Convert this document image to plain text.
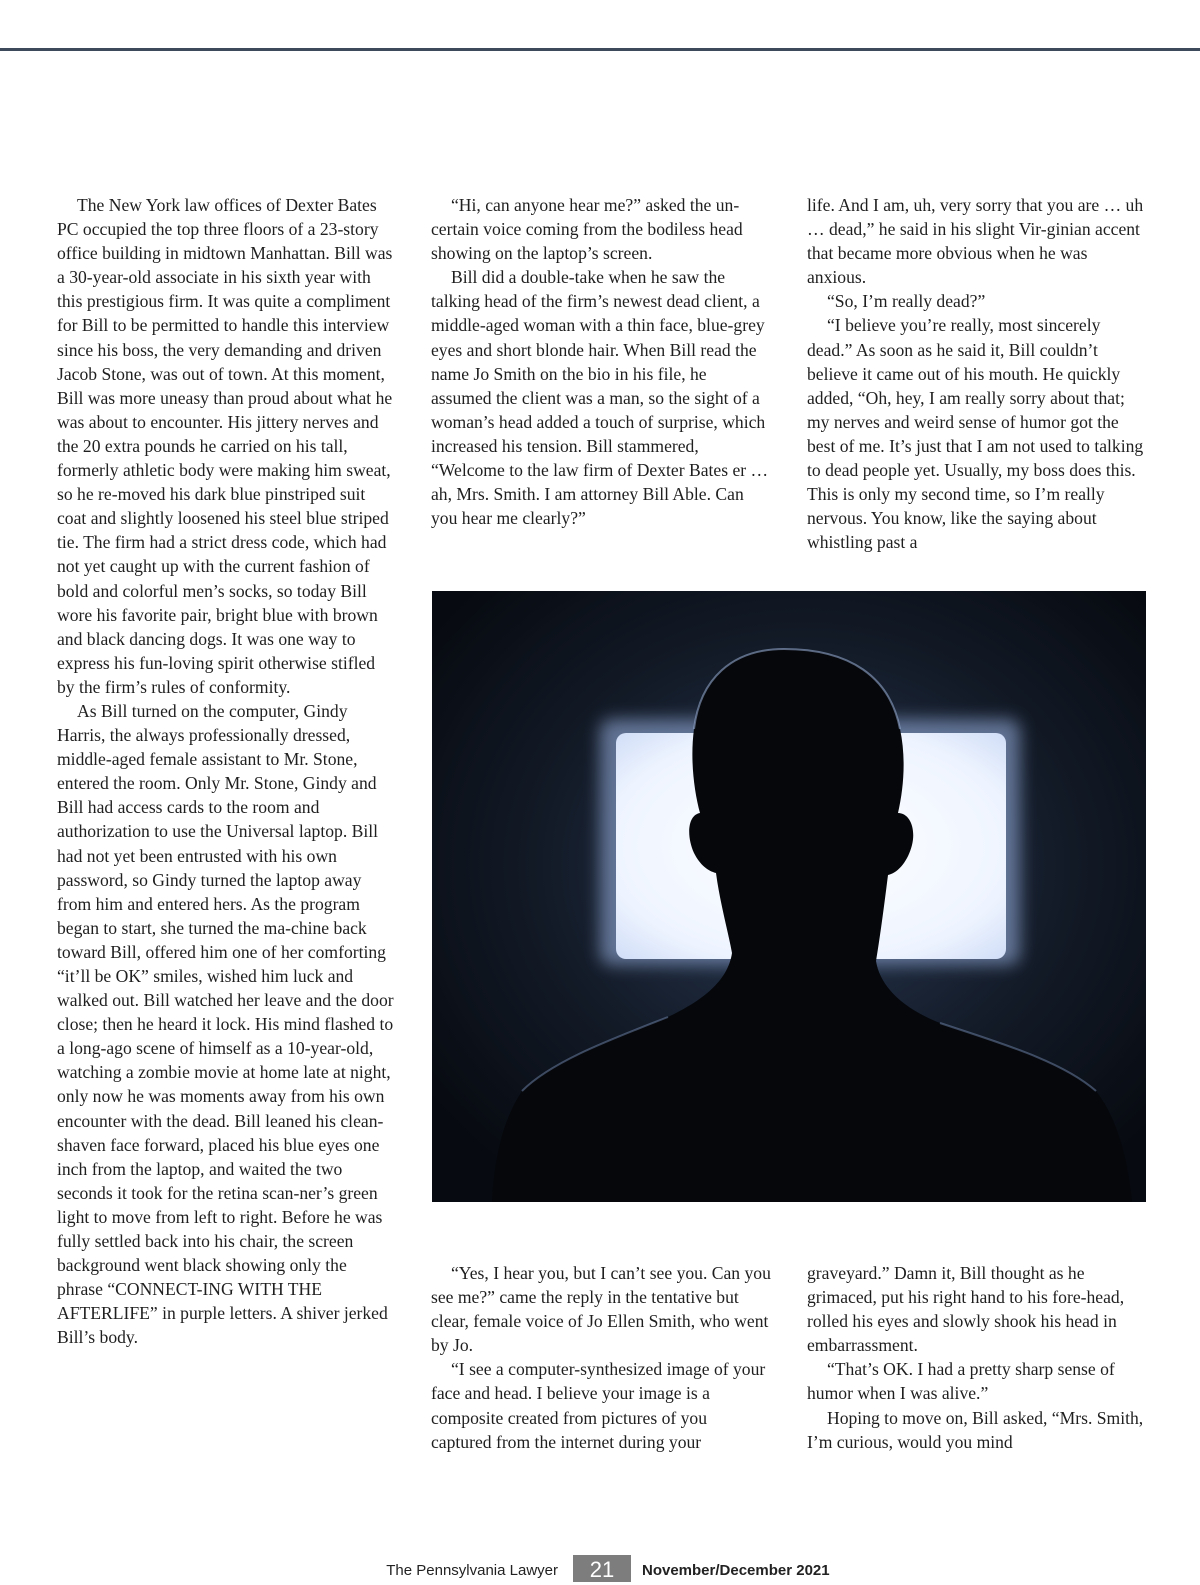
The New York law offices of Dexter Bates PC occupied the top three floors of a 23-story office building in midtown Manhattan. Bill was a 30-year-old associate in his sixth year with this prestigious firm. It was quite a compliment for Bill to be permitted to handle this interview since his boss, the very demanding and driven Jacob Stone, was out of town. At this moment, Bill was more uneasy than proud about what he was about to encounter. His jittery nerves and the 20 extra pounds he carried on his tall, formerly athletic body were making him sweat, so he re-moved his dark blue pinstriped suit coat and slightly loosened his steel blue striped tie. The firm had a strict dress code, which had not yet caught up with the current fashion of bold and colorful men’s socks, so today Bill wore his favorite pair, bright blue with brown and black dancing dogs. It was one way to express his fun-loving spirit otherwise stifled by the firm’s rules of conformity.

As Bill turned on the computer, Gindy Harris, the always professionally dressed, middle-aged female assistant to Mr. Stone, entered the room. Only Mr. Stone, Gindy and Bill had access cards to the room and authorization to use the Universal laptop. Bill had not yet been entrusted with his own password, so Gindy turned the laptop away from him and entered hers. As the program began to start, she turned the ma-chine back toward Bill, offered him one of her comforting “it’ll be OK” smiles, wished him luck and walked out. Bill watched her leave and the door close; then he heard it lock. His mind flashed to a long-ago scene of himself as a 10-year-old, watching a zombie movie at home late at night, only now he was moments away from his own encounter with the dead. Bill leaned his clean-shaven face forward, placed his blue eyes one inch from the laptop, and waited the two seconds it took for the retina scan-ner’s green light to move from left to right. Before he was fully settled back into his chair, the screen background went black showing only the phrase “CONNECT-ING WITH THE AFTERLIFE” in purple letters. A shiver jerked Bill’s body.

“Hi, can anyone hear me?” asked the un-certain voice coming from the bodiless head showing on the laptop’s screen.

Bill did a double-take when he saw the talking head of the firm’s newest dead client, a middle-aged woman with a thin face, blue-grey eyes and short blonde hair. When Bill read the name Jo Smith on the bio in his file, he assumed the client was a man, so the sight of a woman’s head added a touch of surprise, which increased his tension. Bill stammered, “Welcome to the law firm of Dexter Bates er … ah, Mrs. Smith. I am attorney Bill Able. Can you hear me clearly?”

life. And I am, uh, very sorry that you are … uh … dead,” he said in his slight Vir-ginian accent that became more obvious when he was anxious.

“So, I’m really dead?”

“I believe you’re really, most sincerely dead.” As soon as he said it, Bill couldn’t believe it came out of his mouth. He quickly added, “Oh, hey, I am really sorry about that; my nerves and weird sense of humor got the best of me. It’s just that I am not used to talking to dead people yet. Usually, my boss does this. This is only my second time, so I’m really nervous. You know, like the saying about whistling past a

“Yes, I hear you, but I can’t see you. Can you see me?” came the reply in the tentative but clear, female voice of Jo Ellen Smith, who went by Jo.

“I see a computer-synthesized image of your face and head. I believe your image is a composite created from pictures of you captured from the internet during your

graveyard.” Damn it, Bill thought as he grimaced, put his right hand to his fore-head, rolled his eyes and slowly shook his head in embarrassment.

“That’s OK. I had a pretty sharp sense of humor when I was alive.”

Hoping to move on, Bill asked, “Mrs. Smith, I’m curious, would you mind

The Pennsylvania Lawyer	21	November/December 2021
